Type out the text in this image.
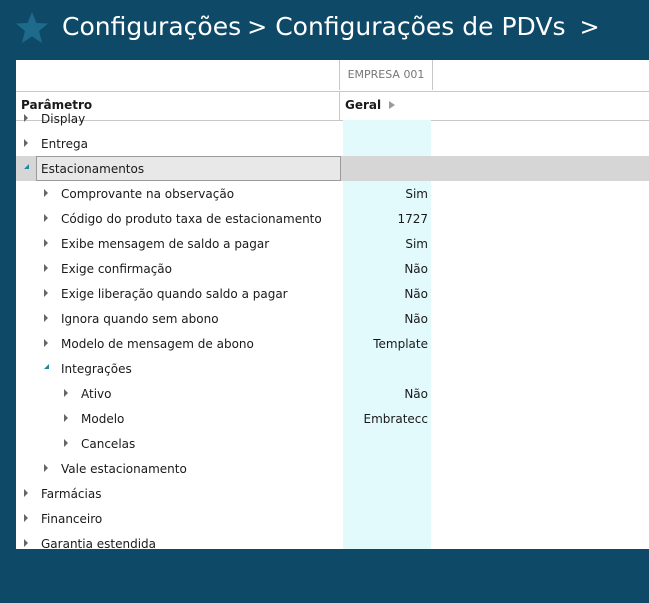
Configurações > Configurações de PDVs >
EMPRESA 001
Parâmetro	Geral
Display
Entrega
Estacionamentos
Comprovante na observação	Sim
Código do produto taxa de estacionamento	1727
Exibe mensagem de saldo a pagar	Sim
Exige confirmação	Não
Exige liberação quando saldo a pagar	Não
Ignora quando sem abono	Não
Modelo de mensagem de abono	Template
Integrações
Ativo	Não
Modelo	Embratecc
Cancelas
Vale estacionamento
Farmácias
Financeiro
Garantia estendida
